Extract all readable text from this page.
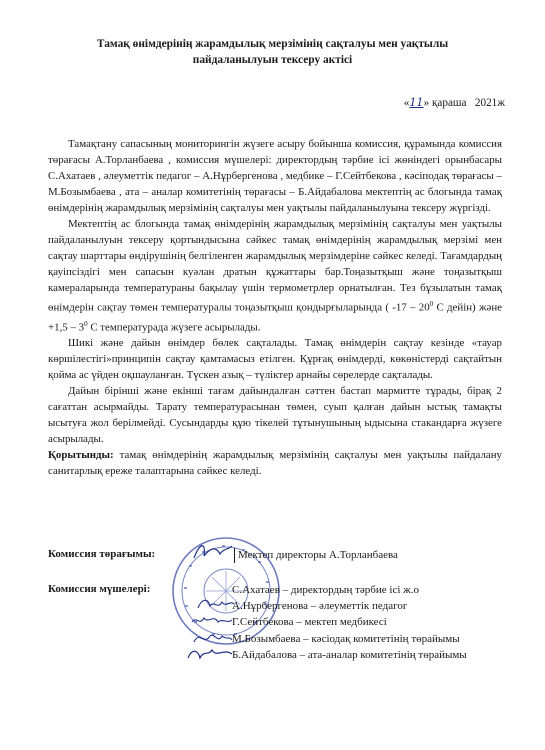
Тамақ өнімдерінің жарамдылық мерзімінің сақталуы мен уақтылы
пайдаланылуын тексеру актісі
«11» қараша 2021ж

Тамақтану сапасының мониторингін жүзеге асыру бойынша комиссия, құрамында комиссия төрағасы А.Торланбаева , комиссия мүшелері: директордың тәрбие ісі жөніндегі орынбасары С.Ахатаев , әлеуметтік педагог – А.Нұрбергенова , медбике – Г.Сейтбекова , кәсіподақ төрағасы – М.Бозымбаева , ата – аналар комитетінің төрағасы – Б.Айдабалова мектептің ас блогында тамақ өнімдерінің жарамдылық мерзімінің сақталуы мен уақтылы пайдаланылуына тексеру жүргізді.

Мектептің ас блогында тамақ өнімдерінің жарамдылық мерзімінің сақталуы мен уақтылы пайдаланылуын тексеру қортындысына сәйкес тамақ өнімдерінің жарамдылық мерзімі мен сақтау шарттары өндірушінің белгіленген жарамдылық мерзімдеріне сәйкес келеді. Тағамдардың қауіпсіздігі мен сапасын куәлан дратын құжаттары бар.Тоңазытқыш және тоңазытқыш камераларында температураны бақылау үшін термометрлер орнатылған. Тез бұзылатын тамақ өнімдерін сақтау төмен температуралы тоңазытқыш қондырғыларында ( $-17 - 20^0$ С дейін) және $+1,5 - 3^0$ С температурада жүзеге асырылады.

Шикі және дайын өнімдер бөлек сақталады. Тамақ өнімдерін сақтау кезінде «тауар көршілестігі»принципін сақтау қамтамасыз етілген. Құрғақ өнімдерді, көкөністерді сақтайтын қойма ас үйден оқшауланған. Түскен азық – түліктер арнайы сөрелерде сақталады.

Дайын бірінші және екінші тағам дайындалған сәттен бастап мармитте тұрады, бірақ 2 сағаттан асырмайды. Тарату температурасынан төмен, суып қалған дайын ыстық тамақты ысытуға жол берілмейді. Сусындарды құю тікелей тұтынушының ыдысына стакандарға жүзеге асырылады.

Қорытынды: тамақ өнімдерінің жарамдылық мерзімінің сақталуы мен уақтылы пайдалану санитарлық ереже талаптарына сәйкес келеді.

Комиссия төрағымы:	Мектеп директоры А.Торланбаева
Комиссия мүшелері:	С.Ахатаев – директордың тәрбие ісі ж.о
А.Нұрбергенова – әлеуметтік педагог
Г.Сейтбекова – мектеп медбикесі
М.Бозымбаева – кәсіодақ комитетінің төрайымы
Б.Айдабалова – ата-аналар комитетінің төрайымы
